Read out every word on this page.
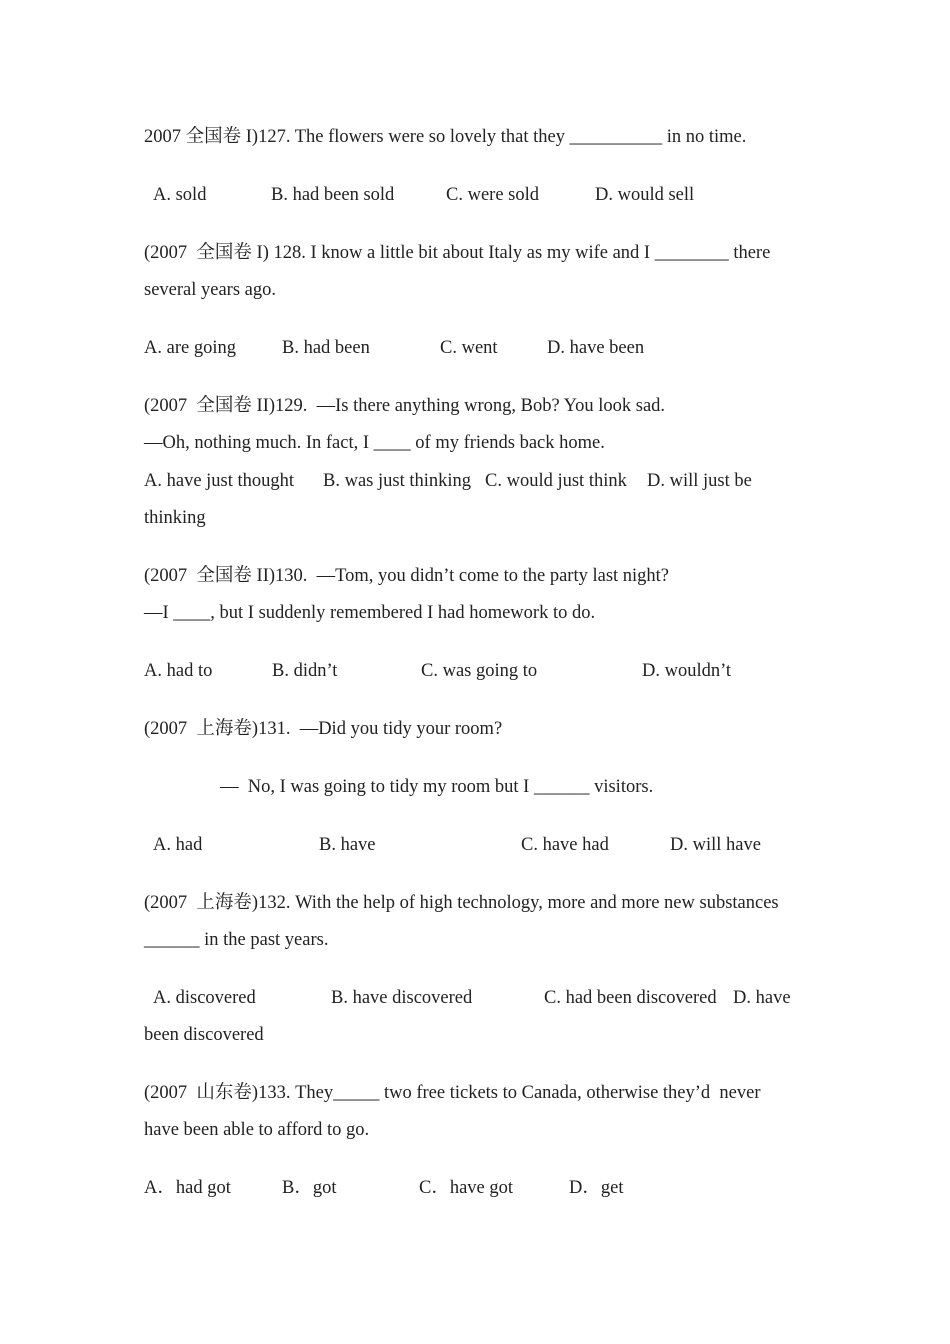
2007 全国卷 I)127. The flowers were so lovely that they __________ in no time.
A. sold	B. had been sold	C. were sold	D. would sell
(2007  全国卷 I) 128. I know a little bit about Italy as my wife and I ________ there
several years ago.
A. are going B. had been	C. went	D. have been
(2007  全国卷 II)129.  —Is there anything wrong, Bob? You look sad.
—Oh, nothing much. In fact, I ____ of my friends back home.
A. have just thought B. was just thinking C. would just think D. will just be
thinking
(2007  全国卷 II)130.  —Tom, you didn’t come to the party last night?
—I ____, but I suddenly remembered I had homework to do.
A. had to	B. didn’t	C. was going to	D. wouldn’t
(2007  上海卷)131.  —Did you tidy your room?
—  No, I was going to tidy my room but I ______ visitors.
A. had	B. have	C. have had	D. will have
(2007  上海卷)132. With the help of high technology, more and more new substances
______ in the past years.
A. discovered	B. have discovered	C. had been discovered D. have
been discovered
(2007  山东卷)133. They_____ two free tickets to Canada, otherwise they’d  never
have been able to afford to go.
A．had got	B．got	C．have got	D．get
